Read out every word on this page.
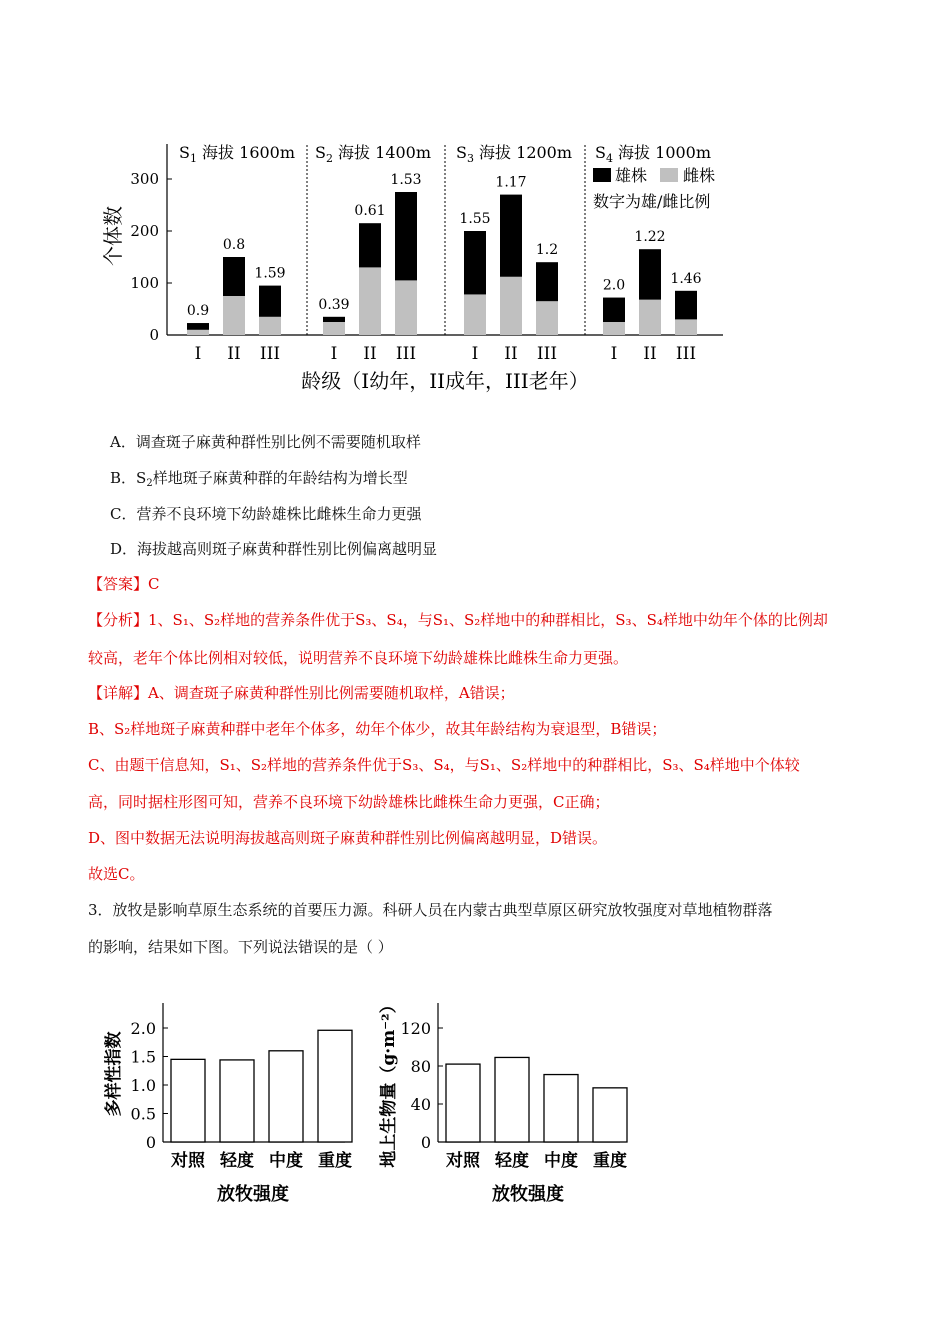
0
100
200
300
个体数
龄级（I幼年，II成年，III老年）
$S_1$ 海拔 1600m
0.9
I
0.8
II
1.59
III
$S_2$ 海拔 1400m
0.39
I
0.61
II
1.53
III
$S_3$ 海拔 1200m
1.55
I
1.17
II
1.2
III
$S_4$ 海拔 1000m
2.0
I
1.22
II
1.46
III
雄株 雌株
数字为雄/雌比例
A．调查斑子麻黄种群性别比例不需要随机取样
B．$S_2$样地斑子麻黄种群的年龄结构为增长型
C．营养不良环境下幼龄雄株比雌株生命力更强
D．海拔越高则斑子麻黄种群性别比例偏离越明显
【答案】C
【分析】1、S₁、S₂样地的营养条件优于S₃、S₄，与S₁、S₂样地中的种群相比，S₃、S₄样地中幼年个体的比例却
较高，老年个体比例相对较低，说明营养不良环境下幼龄雄株比雌株生命力更强。
【详解】A、调查斑子麻黄种群性别比例需要随机取样，A错误；
B、S₂样地斑子麻黄种群中老年个体多，幼年个体少，故其年龄结构为衰退型，B错误；
C、由题干信息知，S₁、S₂样地的营养条件优于S₃、S₄，与S₁、S₂样地中的种群相比，S₃、S₄样地中个体较
高，同时据柱形图可知，营养不良环境下幼龄雄株比雌株生命力更强，C正确；
D、图中数据无法说明海拔越高则斑子麻黄种群性别比例偏离越明显，D错误。
故选C。
3．放牧是影响草原生态系统的首要压力源。科研人员在内蒙古典型草原区研究放牧强度对草地植物群落
的影响，结果如下图。下列说法错误的是（ ）
0
0.5
1.0
1.5
2.0
对照 轻度 中度 重度
放牧强度
多样性指数
0
40
80
120
对照 轻度 中度 重度
放牧强度
地上生物量（g·m⁻²）
